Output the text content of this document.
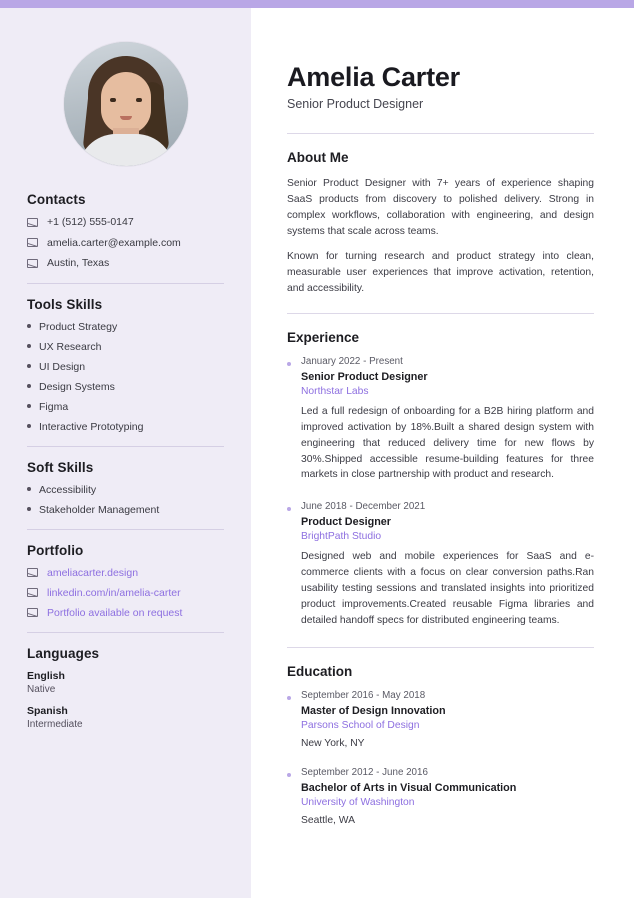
Contacts
+1 (512) 555-0147
amelia.carter@example.com
Austin, Texas
Tools Skills
Product Strategy
UX Research
UI Design
Design Systems
Figma
Interactive Prototyping
Soft Skills
Accessibility
Stakeholder Management
Portfolio
ameliacarter.design
linkedin.com/in/amelia-carter
Portfolio available on request
Languages
English
Native
Spanish
Intermediate
Amelia Carter
Senior Product Designer
About Me

Senior Product Designer with 7+ years of experience shaping SaaS products from discovery to polished delivery. Strong in complex workflows, collaboration with engineering, and design systems that scale across teams.

Known for turning research and product strategy into clean, measurable user experiences that improve activation, retention, and accessibility.

Experience
January 2022 - Present
Senior Product Designer
Northstar Labs
Led a full redesign of onboarding for a B2B hiring platform and improved activation by 18%.Built a shared design system with engineering that reduced delivery time for new flows by 30%.Shipped accessible resume-building features for three markets in close partnership with product and research.
June 2018 - December 2021
Product Designer
BrightPath Studio
Designed web and mobile experiences for SaaS and e-commerce clients with a focus on clear conversion paths.Ran usability testing sessions and translated insights into prioritized product improvements.Created reusable Figma libraries and detailed handoff specs for distributed engineering teams.
Education
September 2016 - May 2018
Master of Design Innovation
Parsons School of Design
New York, NY
September 2012 - June 2016
Bachelor of Arts in Visual Communication
University of Washington
Seattle, WA
